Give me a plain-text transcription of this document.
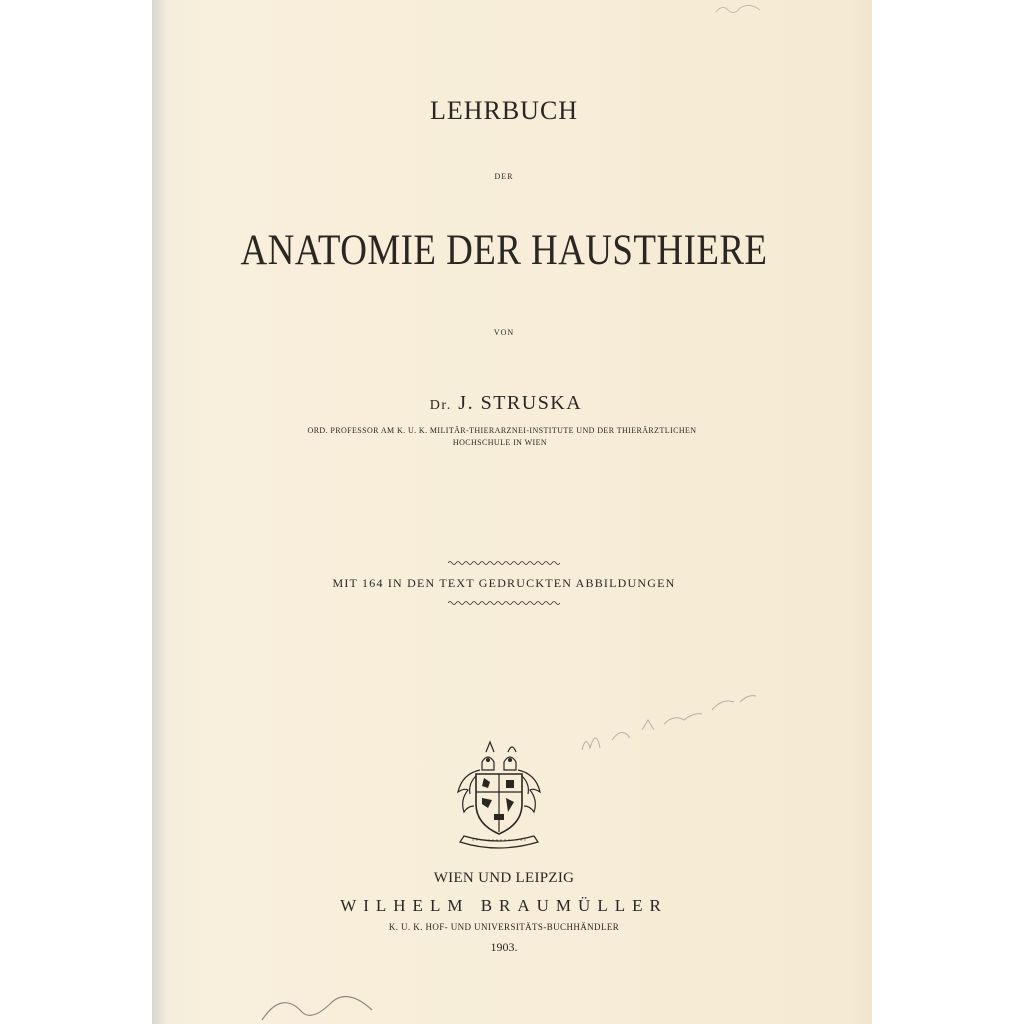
LEHRBUCH
DER
ANATOMIE DER HAUSTHIERE
VON
Dr. J. STRUSKA
ORD. PROFESSOR AM K. U. K. MILITÄR-THIERARZNEI-INSTITUTE UND DER THIERÄRZTLICHEN
HOCHSCHULE IN WIEN
MIT 164 IN DEN TEXT GEDRUCKTEN ABBILDUNGEN
WIEN UND LEIPZIG
WILHELM BRAUMÜLLER
K. U. K. HOF- UND UNIVERSITÄTS-BUCHHÄNDLER
1903.
